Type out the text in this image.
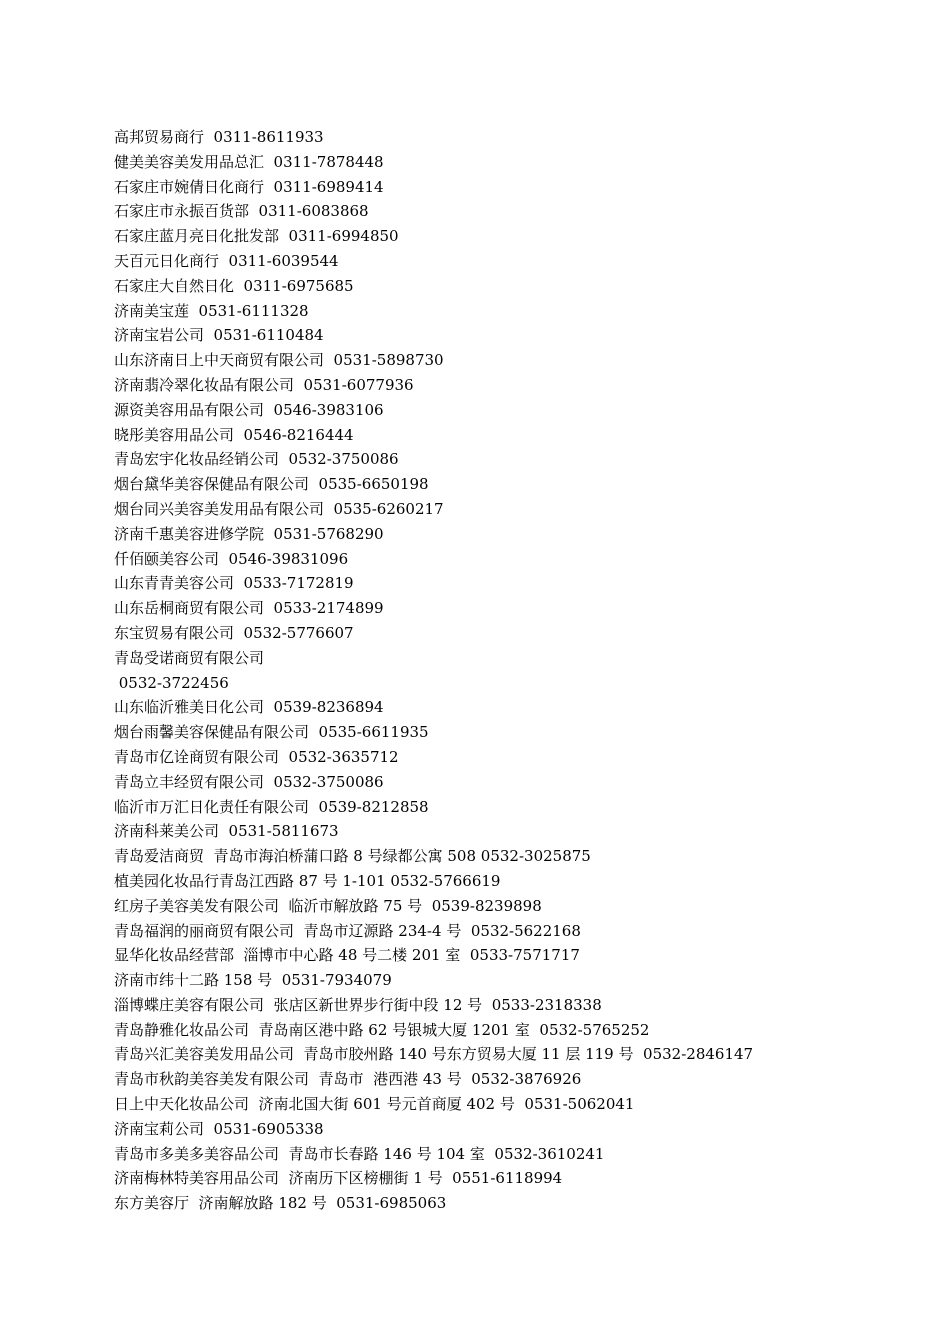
高邦贸易商行  0311-8611933
健美美容美发用品总汇  0311-7878448
石家庄市婉倩日化商行  0311-6989414
石家庄市永振百货部  0311-6083868
石家庄蓝月亮日化批发部  0311-6994850
天百元日化商行  0311-6039544
石家庄大自然日化  0311-6975685
济南美宝莲  0531-6111328
济南宝岩公司  0531-6110484
山东济南日上中天商贸有限公司  0531-5898730
济南翡冷翠化妆品有限公司  0531-6077936
源资美容用品有限公司  0546-3983106
晓彤美容用品公司  0546-8216444
青岛宏宇化妆品经销公司  0532-3750086
烟台黛华美容保健品有限公司  0535-6650198
烟台同兴美容美发用品有限公司  0535-6260217
济南千惠美容进修学院  0531-5768290
仟佰颐美容公司  0546-39831096
山东青青美容公司  0533-7172819
山东岳桐商贸有限公司  0533-2174899
东宝贸易有限公司  0532-5776607
青岛受诺商贸有限公司
0532-3722456
山东临沂雅美日化公司  0539-8236894
烟台雨馨美容保健品有限公司  0535-6611935
青岛市亿诠商贸有限公司  0532-3635712
青岛立丰经贸有限公司  0532-3750086
临沂市万汇日化责任有限公司  0539-8212858
济南科莱美公司  0531-5811673
青岛爱洁商贸  青岛市海泊桥蒲口路 8 号绿都公寓 508 0532-3025875
植美园化妆品行青岛江西路 87 号 1-101 0532-5766619
红房子美容美发有限公司  临沂市解放路 75 号  0539-8239898
青岛福润的丽商贸有限公司  青岛市辽源路 234-4 号  0532-5622168
显华化妆品经营部  淄博市中心路 48 号二楼 201 室  0533-7571717
济南市纬十二路 158 号  0531-7934079
淄博蝶庄美容有限公司  张店区新世界步行街中段 12 号  0533-2318338
青岛静雅化妆品公司  青岛南区港中路 62 号银城大厦 1201 室  0532-5765252
青岛兴汇美容美发用品公司  青岛市胶州路 140 号东方贸易大厦 11 层 119 号  0532-2846147
青岛市秋韵美容美发有限公司  青岛市  港西港 43 号  0532-3876926
日上中天化妆品公司  济南北国大街 601 号元首商厦 402 号  0531-5062041
济南宝莉公司  0531-6905338
青岛市多美多美容品公司  青岛市长春路 146 号 104 室  0532-3610241
济南梅林特美容用品公司  济南历下区榜棚街 1 号  0551-6118994
东方美容厅  济南解放路 182 号  0531-6985063
